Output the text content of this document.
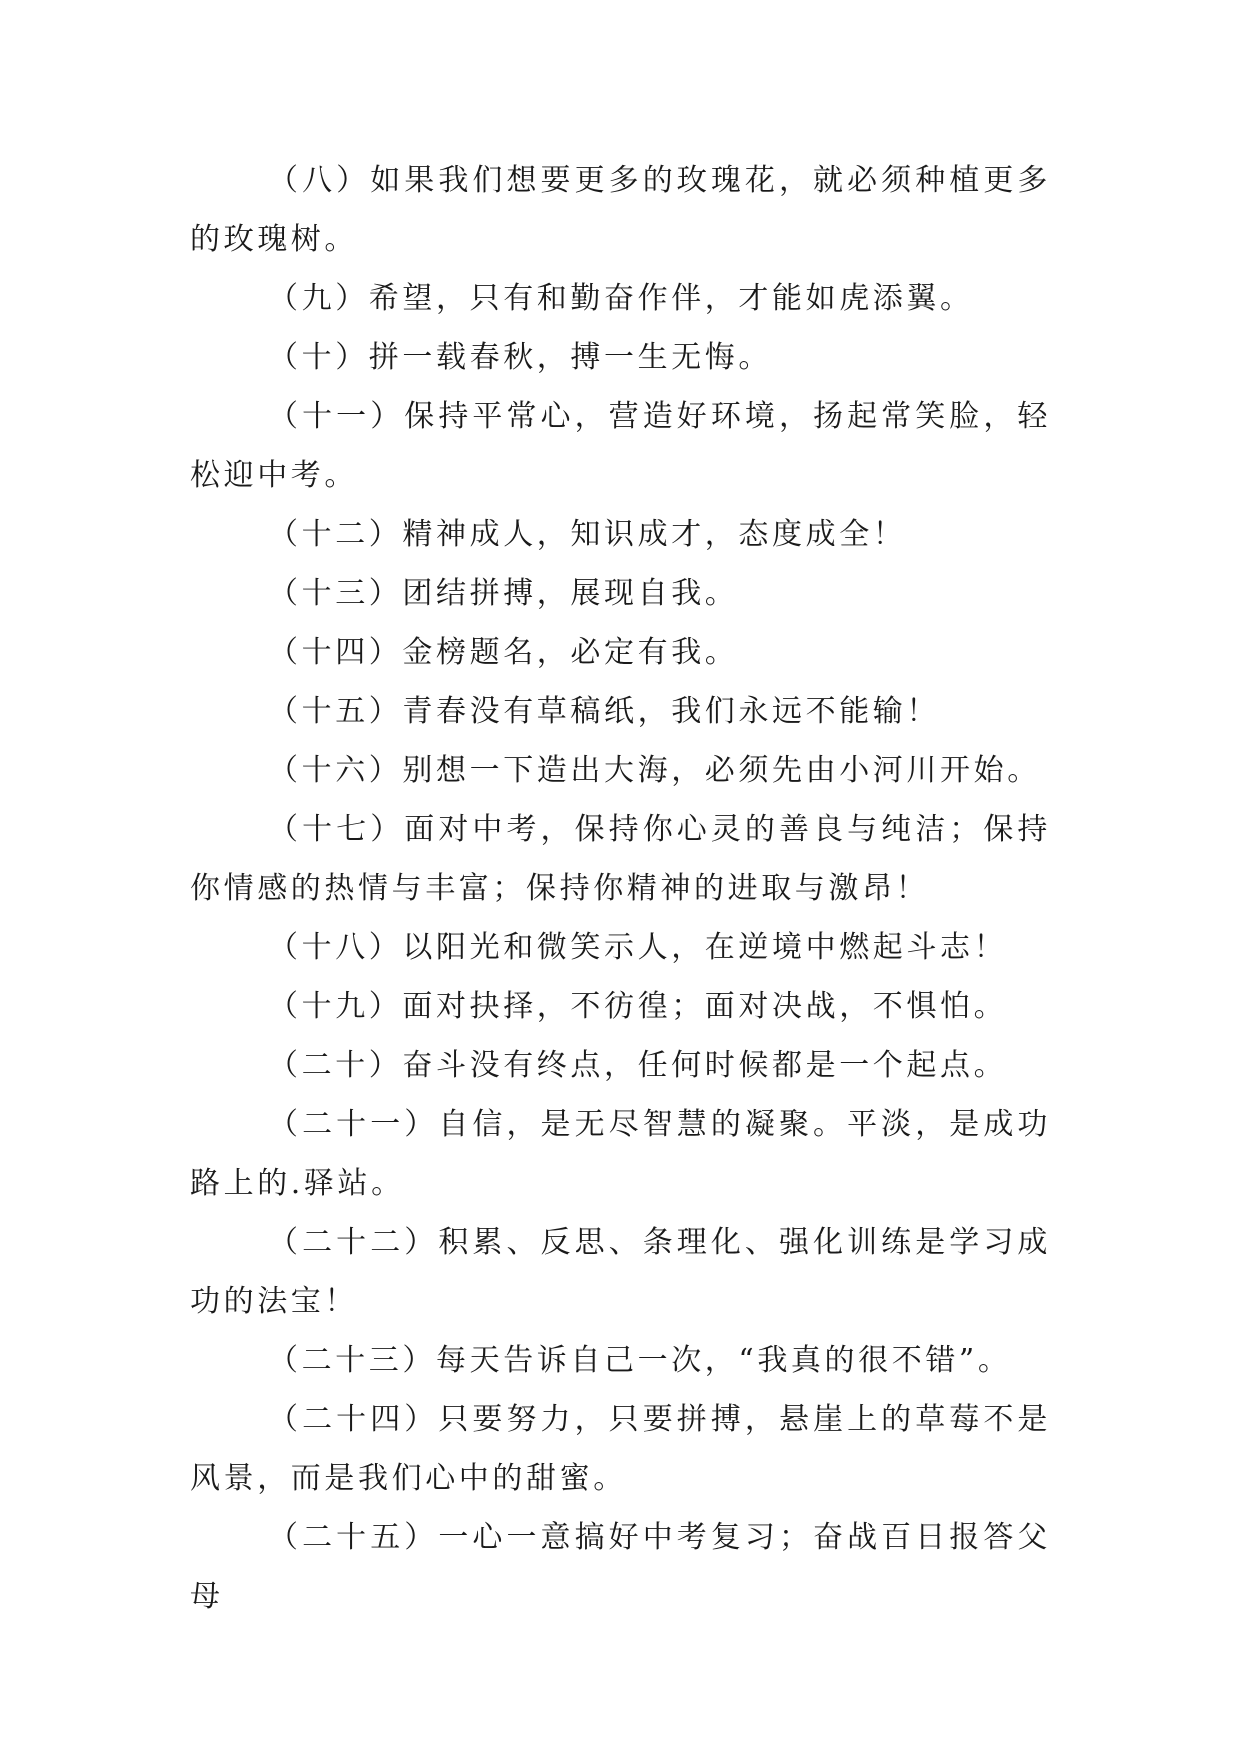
（八）如果我们想要更多的玫瑰花，就必须种植更多的玫瑰树。

（九）希望，只有和勤奋作伴，才能如虎添翼。

（十）拼一载春秋，搏一生无悔。

（十一）保持平常心，营造好环境，扬起常笑脸，轻松迎中考。

（十二）精神成人，知识成才，态度成全！

（十三）团结拼搏，展现自我。

（十四）金榜题名，必定有我。

（十五）青春没有草稿纸，我们永远不能输！

（十六）别想一下造出大海，必须先由小河川开始。

（十七）面对中考，保持你心灵的善良与纯洁；保持你情感的热情与丰富；保持你精神的进取与激昂！

（十八）以阳光和微笑示人，在逆境中燃起斗志！

（十九）面对抉择，不彷徨；面对决战，不惧怕。

（二十）奋斗没有终点，任何时候都是一个起点。

（二十一）自信，是无尽智慧的凝聚。平淡，是成功路上的.驿站。

（二十二）积累、反思、条理化、强化训练是学习成功的法宝！

（二十三）每天告诉自己一次，“我真的很不错”。

（二十四）只要努力，只要拼搏，悬崖上的草莓不是风景，而是我们心中的甜蜜。

（二十五）一心一意搞好中考复习；奋战百日报答父母
